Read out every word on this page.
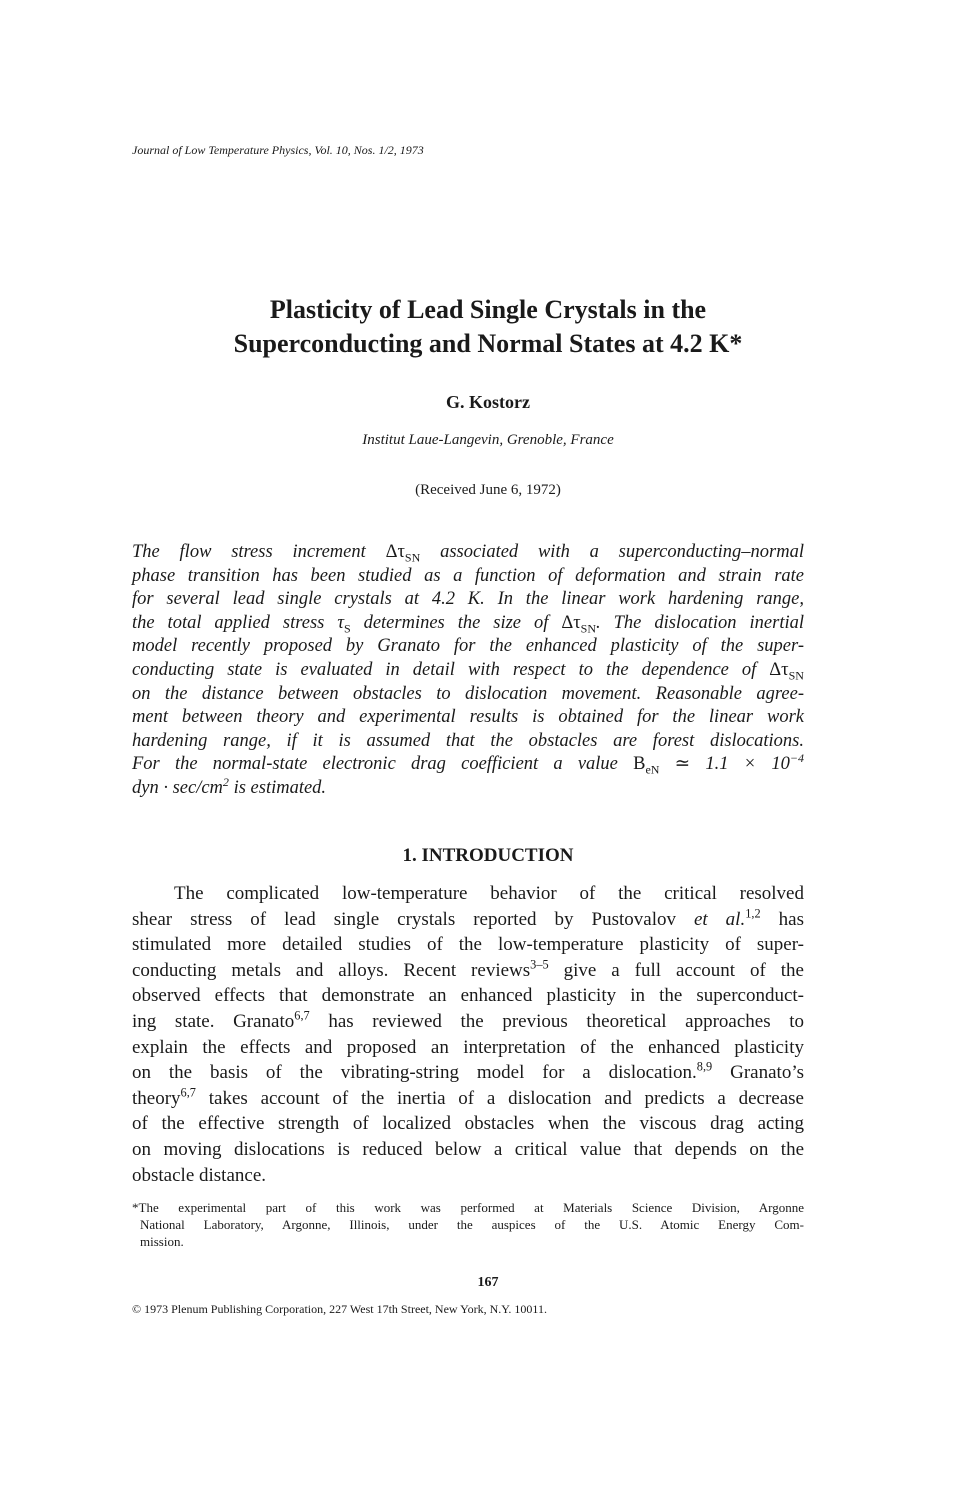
Journal of Low Temperature Physics, Vol. 10, Nos. 1/2, 1973
Plasticity of Lead Single Crystals in the
Superconducting and Normal States at 4.2 K*
G. Kostorz
Institut Laue-Langevin, Grenoble, France
(Received June 6, 1972)
The flow stress increment $\Delta\tau_{SN}$ associated with a superconducting–normal
phase transition has been studied as a function of deformation and strain rate
for several lead single crystals at 4.2 K. In the linear work hardening range,
the total applied stress $\tau_S$ determines the size of $\Delta\tau_{SN}$. The dislocation inertial
model recently proposed by Granato for the enhanced plasticity of the super-
conducting state is evaluated in detail with respect to the dependence of $\Delta\tau_{SN}$
on the distance between obstacles to dislocation movement. Reasonable agree-
ment between theory and experimental results is obtained for the linear work
hardening range, if it is assumed that the obstacles are forest dislocations.
For the normal-state electronic drag coefficient a value $B_{eN}$ ≃ $1.1 \times 10^{-4}$
dyn · $\sec/cm^2$ is estimated.
1. INTRODUCTION
The complicated low-temperature behavior of the critical resolved
shear stress of lead single crystals reported by Pustovalov et al.$^{1,2}$ has
stimulated more detailed studies of the low-temperature plasticity of super-
conducting metals and alloys. Recent reviews$^{3-5}$ give a full account of the
observed effects that demonstrate an enhanced plasticity in the superconduct-
ing state. Granato$^{6,7}$ has reviewed the previous theoretical approaches to
explain the effects and proposed an interpretation of the enhanced plasticity
on the basis of the vibrating-string model for a dislocation.$^{8,9}$ Granato’s
theory$^{6,7}$ takes account of the inertia of a dislocation and predicts a decrease
of the effective strength of localized obstacles when the viscous drag acting
on moving dislocations is reduced below a critical value that depends on the
obstacle distance.
*The experimental part of this work was performed at Materials Science Division, Argonne
National Laboratory, Argonne, Illinois, under the auspices of the U.S. Atomic Energy Com-
mission.
167
© 1973 Plenum Publishing Corporation, 227 West 17th Street, New York, N.Y. 10011.
